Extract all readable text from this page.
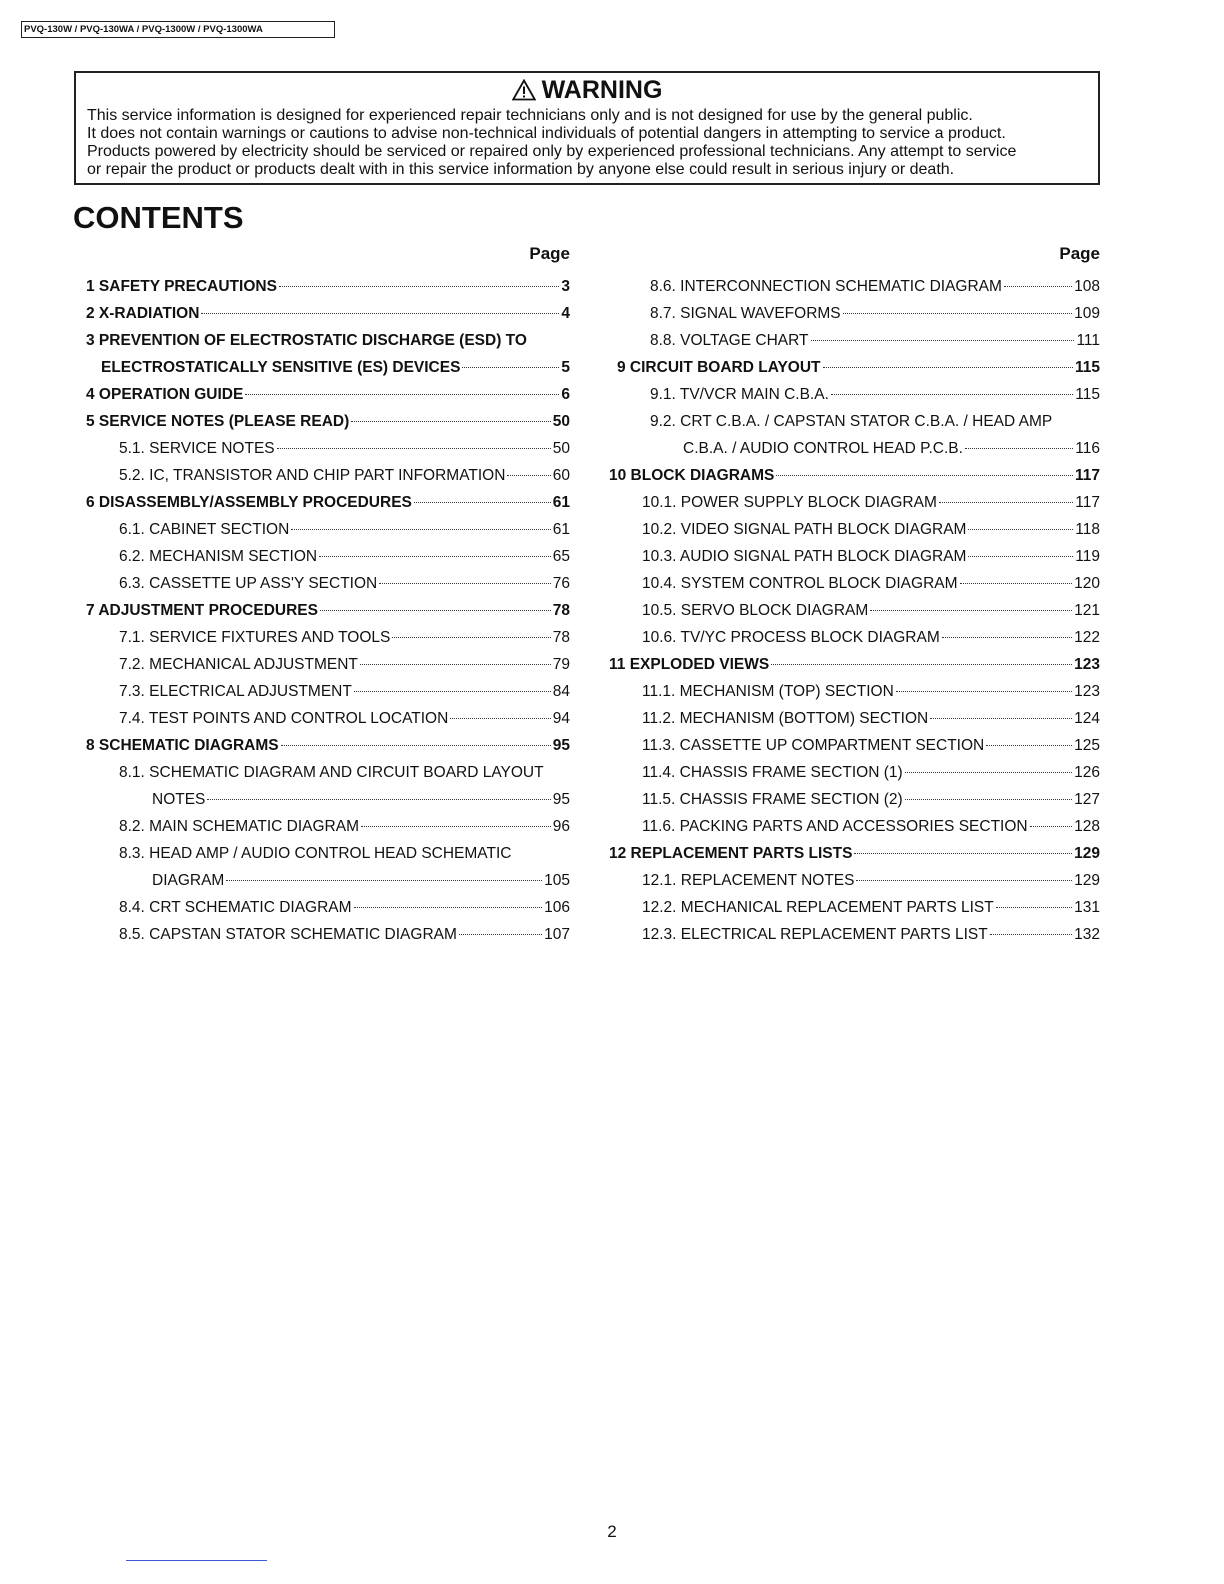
PVQ-130W / PVQ-130WA / PVQ-1300W / PVQ-1300WA
WARNING
This service information is designed for experienced repair technicians only and is not designed for use by the general public.
It does not contain warnings or cautions to advise non-technical individuals of potential dangers in attempting to service a product.
Products powered by electricity should be serviced or repaired only by experienced professional technicians. Any attempt to service
or repair the product or products dealt with in this service information by anyone else could result in serious injury or death.
CONTENTS
Page	Page
1 SAFETY PRECAUTIONS	3
2 X-RADIATION	4
3 PREVENTION OF ELECTROSTATIC DISCHARGE (ESD) TO
ELECTROSTATICALLY SENSITIVE (ES) DEVICES	5
4 OPERATION GUIDE	6
5 SERVICE NOTES (PLEASE READ)	50
5.1. SERVICE NOTES	50
5.2. IC, TRANSISTOR AND CHIP PART INFORMATION	60
6 DISASSEMBLY/ASSEMBLY PROCEDURES	61
6.1. CABINET SECTION	61
6.2. MECHANISM SECTION	65
6.3. CASSETTE UP ASS'Y SECTION	76
7 ADJUSTMENT PROCEDURES	78
7.1. SERVICE FIXTURES AND TOOLS	78
7.2. MECHANICAL ADJUSTMENT	79
7.3. ELECTRICAL ADJUSTMENT	84
7.4. TEST POINTS AND CONTROL LOCATION	94
8 SCHEMATIC DIAGRAMS	95
8.1. SCHEMATIC DIAGRAM AND CIRCUIT BOARD LAYOUT
NOTES	95
8.2. MAIN SCHEMATIC DIAGRAM	96
8.3. HEAD AMP / AUDIO CONTROL HEAD SCHEMATIC
DIAGRAM	105
8.4. CRT SCHEMATIC DIAGRAM	106
8.5. CAPSTAN STATOR SCHEMATIC DIAGRAM	107
8.6. INTERCONNECTION SCHEMATIC DIAGRAM	108
8.7. SIGNAL WAVEFORMS	109
8.8. VOLTAGE CHART	111
9 CIRCUIT BOARD LAYOUT	115
9.1. TV/VCR MAIN C.B.A.	115
9.2. CRT C.B.A. / CAPSTAN STATOR C.B.A. / HEAD AMP
C.B.A. / AUDIO CONTROL HEAD P.C.B.	116
10 BLOCK DIAGRAMS	117
10.1. POWER SUPPLY BLOCK DIAGRAM	117
10.2. VIDEO SIGNAL PATH BLOCK DIAGRAM	118
10.3. AUDIO SIGNAL PATH BLOCK DIAGRAM	119
10.4. SYSTEM CONTROL BLOCK DIAGRAM	120
10.5. SERVO BLOCK DIAGRAM	121
10.6. TV/YC PROCESS BLOCK DIAGRAM	122
11 EXPLODED VIEWS	123
11.1. MECHANISM (TOP) SECTION	123
11.2. MECHANISM (BOTTOM) SECTION	124
11.3. CASSETTE UP COMPARTMENT SECTION	125
11.4. CHASSIS FRAME SECTION (1)	126
11.5. CHASSIS FRAME SECTION (2)	127
11.6. PACKING PARTS AND ACCESSORIES SECTION	128
12 REPLACEMENT PARTS LISTS	129
12.1. REPLACEMENT NOTES	129
12.2. MECHANICAL REPLACEMENT PARTS LIST	131
12.3. ELECTRICAL REPLACEMENT PARTS LIST	132
2
